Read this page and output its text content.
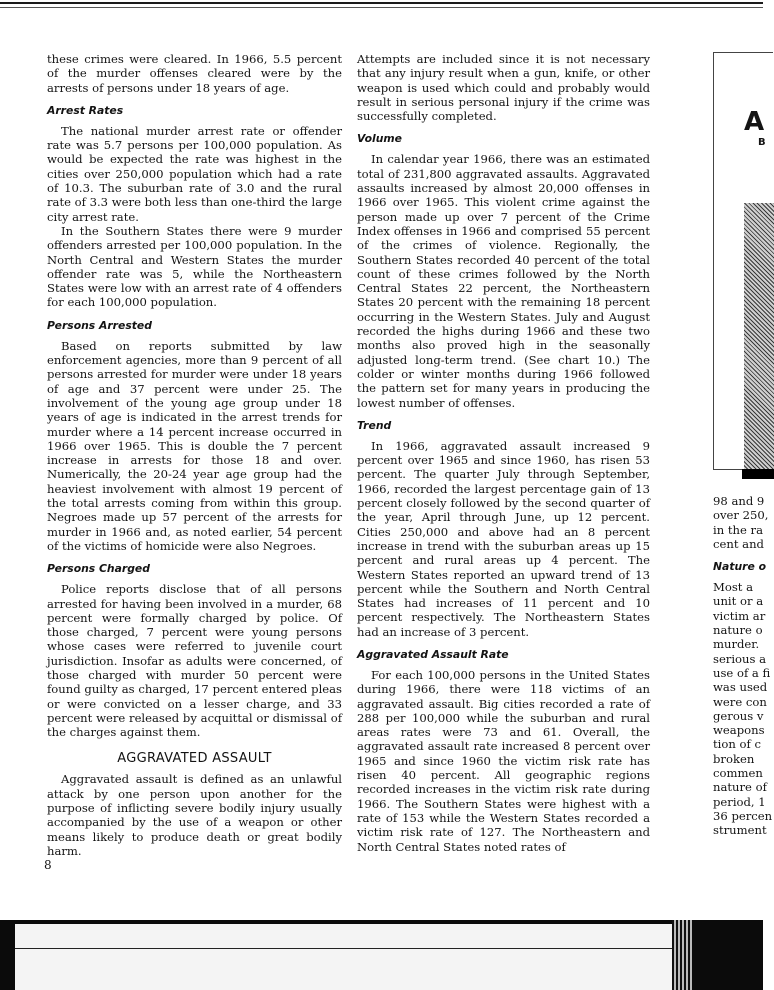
these crimes were cleared. In 1966, 5.5 percent of the murder offenses cleared were by the arrests of persons under 18 years of age.

Arrest Rates

The national murder arrest rate or offender rate was 5.7 persons per 100,000 population. As would be expected the rate was highest in the cities over 250,000 population which had a rate of 10.3. The suburban rate of 3.0 and the rural rate of 3.3 were both less than one-third the large city arrest rate.

In the Southern States there were 9 murder offenders arrested per 100,000 population. In the North Central and Western States the murder offender rate was 5, while the Northeastern States were low with an arrest rate of 4 offenders for each 100,000 population.

Persons Arrested

Based on reports submitted by law enforcement agencies, more than 9 percent of all persons arrested for murder were under 18 years of age and 37 percent were under 25. The involvement of the young age group under 18 years of age is indicated in the arrest trends for murder where a 14 percent increase occurred in 1966 over 1965. This is double the 7 percent increase in arrests for those 18 and over. Numerically, the 20-24 year age group had the heaviest involvement with almost 19 percent of the total arrests coming from within this group. Negroes made up 57 percent of the arrests for murder in 1966 and, as noted earlier, 54 percent of the victims of homicide were also Negroes.

Persons Charged

Police reports disclose that of all persons arrested for having been involved in a murder, 68 percent were formally charged by police. Of those charged, 7 percent were young persons whose cases were referred to juvenile court jurisdiction. Insofar as adults were concerned, of those charged with murder 50 percent were found guilty as charged, 17 percent entered pleas or were convicted on a lesser charge, and 33 percent were released by acquittal or dismissal of the charges against them.

AGGRAVATED ASSAULT

Aggravated assault is defined as an unlawful attack by one person upon another for the purpose of inflicting severe bodily injury usually accompanied by the use of a weapon or other means likely to produce death or great bodily harm.

Attempts are included since it is not necessary that any injury result when a gun, knife, or other weapon is used which could and probably would result in serious personal injury if the crime was successfully completed.

Volume

In calendar year 1966, there was an estimated total of 231,800 aggravated assaults. Aggravated assaults increased by almost 20,000 offenses in 1966 over 1965. This violent crime against the person made up over 7 percent of the Crime Index offenses in 1966 and comprised 55 percent of the crimes of violence. Regionally, the Southern States recorded 40 percent of the total count of these crimes followed by the North Central States 22 percent, the Northeastern States 20 percent with the remaining 18 percent occurring in the Western States. July and August recorded the highs during 1966 and these two months also proved high in the seasonally adjusted long-term trend. (See chart 10.) The colder or winter months during 1966 followed the pattern set for many years in producing the lowest number of offenses.

Trend

In 1966, aggravated assault increased 9 percent over 1965 and since 1960, has risen 53 percent. The quarter July through September, 1966, recorded the largest percentage gain of 13 percent closely followed by the second quarter of the year, April through June, up 12 percent. Cities 250,000 and above had an 8 percent increase in trend with the suburban areas up 15 percent and rural areas up 4 percent. The Western States reported an upward trend of 13 percent while the Southern and North Central States had increases of 11 percent and 10 percent respectively. The Northeastern States had an increase of 3 percent.

Aggravated Assault Rate

For each 100,000 persons in the United States during 1966, there were 118 victims of an aggravated assault. Big cities recorded a rate of 288 per 100,000 while the suburban and rural areas rates were 73 and 61. Overall, the aggravated assault rate increased 8 percent over 1965 and since 1960 the victim risk rate has risen 40 percent. All geographic regions recorded increases in the victim risk rate during 1966. The Southern States were highest with a rate of 153 while the Western States recorded a victim risk rate of 127. The Northeastern and North Central States noted rates of

A
B

98 and 9

over 250,

in the ra

cent and

Nature o

Most a

unit or a

victim ar

nature o

murder.

serious a

use of a fi

was used

were con

gerous v

weapons

tion of c

broken

commen

nature of

period, 1

36 percen

strument

8
